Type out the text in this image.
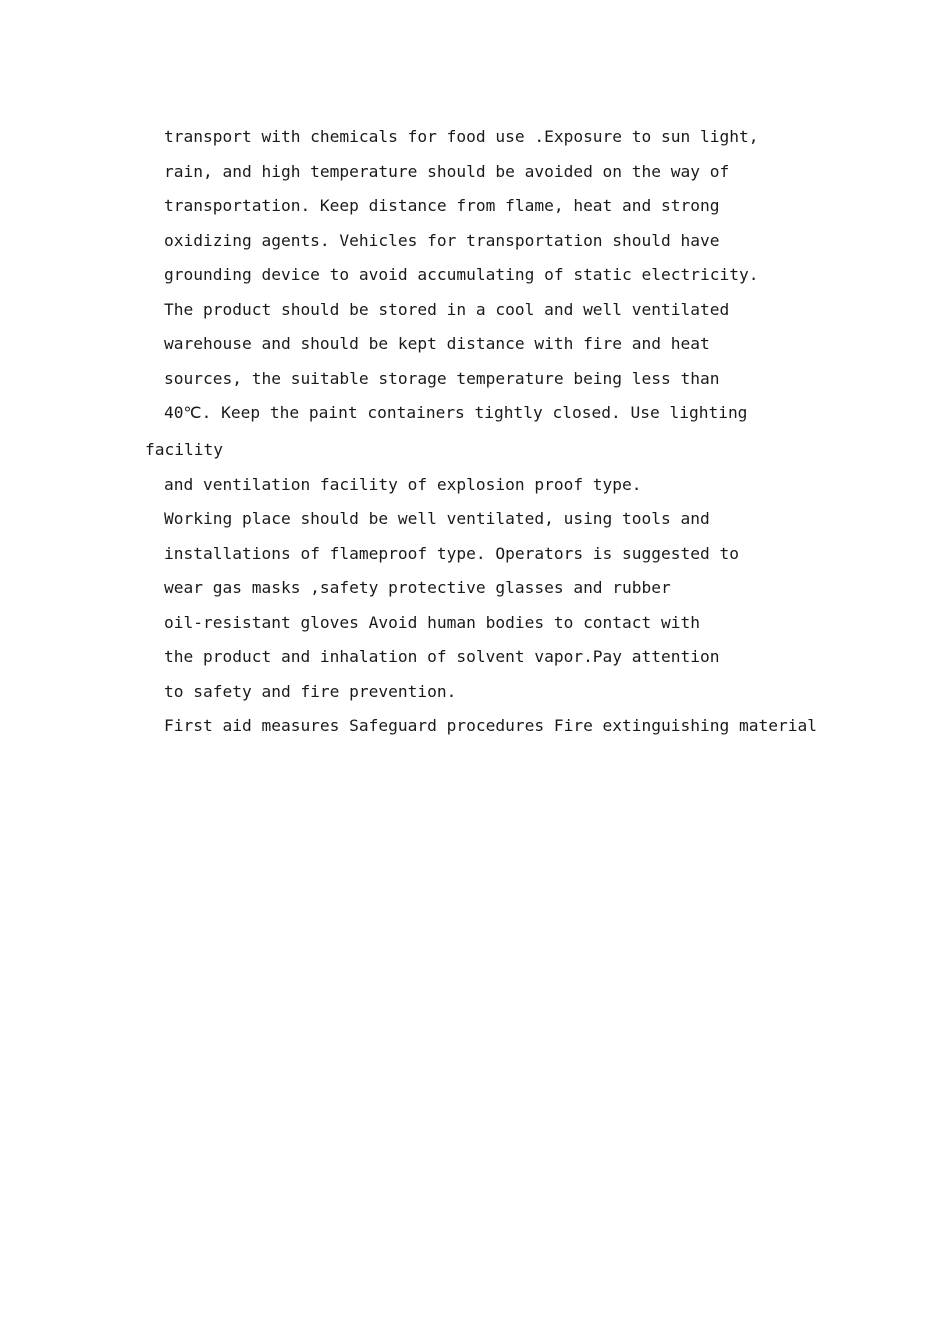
transport with chemicals for food use .Exposure to sun light,
rain, and high temperature should be avoided on the way of
transportation. Keep distance from flame, heat and strong
oxidizing agents. Vehicles for transportation should have
grounding device to avoid accumulating of static electricity.
The product should be stored in a cool and well ventilated
warehouse and should be kept distance with fire and heat
sources, the suitable storage temperature being less than
40℃. Keep the paint containers tightly closed. Use lighting
facility
and ventilation facility of explosion proof type.
Working place should be well ventilated, using tools and
installations of flameproof type. Operators is suggested to
wear gas masks ,safety protective glasses and rubber
oil-resistant gloves Avoid human bodies to contact with
the product and inhalation of solvent vapor.Pay attention
to safety and fire prevention.
First aid measures Safeguard procedures Fire extinguishing material
